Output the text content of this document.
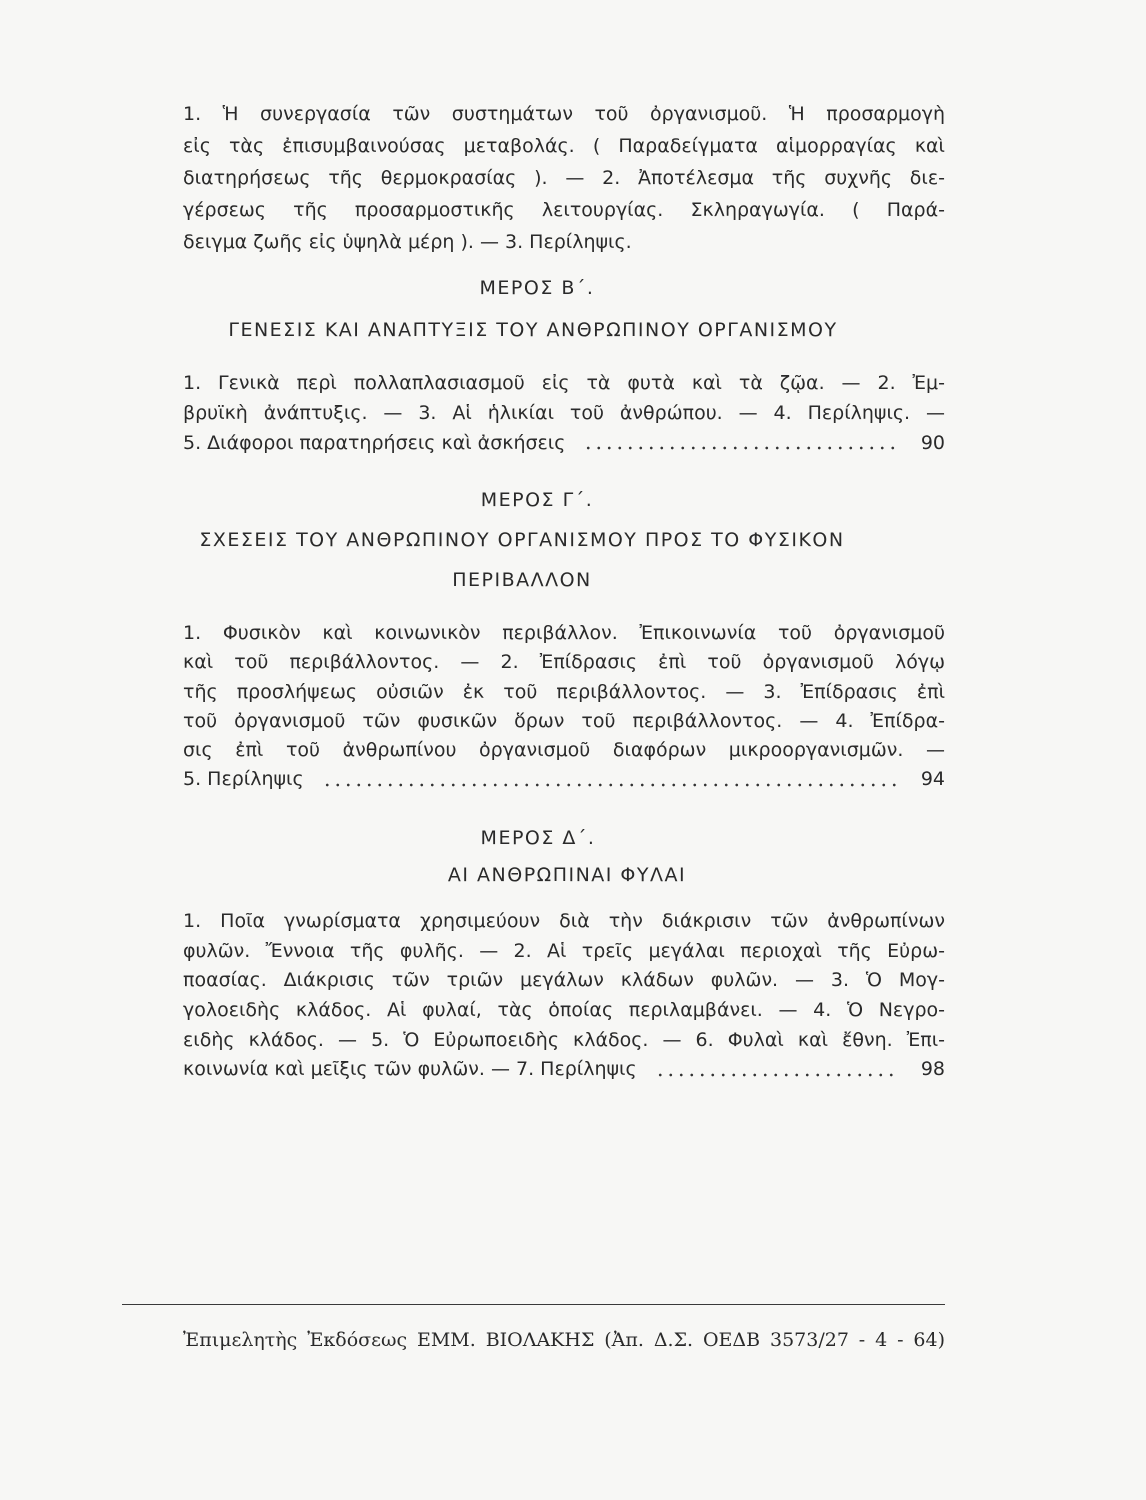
1. Ἡ συνεργασία τῶν συστημάτων τοῦ ὀργανισμοῦ. Ἡ προσαρμογὴ
εἰς τὰς ἐπισυμβαινούσας μεταβολάς. ( Παραδείγματα αἱμορραγίας καὶ
διατηρήσεως τῆς θερμοκρασίας ). — 2. Ἀποτέλεσμα τῆς συχνῆς διε-
γέρσεως τῆς προσαρμοστικῆς λειτουργίας. Σκληραγωγία. ( Παρά-
δειγμα ζωῆς εἰς ὑψηλὰ μέρη ). — 3. Περίληψις.
ΜΕΡΟΣ Β΄.
ΓΕΝΕΣΙΣ ΚΑΙ ΑΝΑΠΤΥΞΙΣ ΤΟΥ ΑΝΘΡΩΠΙΝΟΥ ΟΡΓΑΝΙΣΜΟΥ
1. Γενικὰ περὶ πολλαπλασιασμοῦ εἰς τὰ φυτὰ καὶ τὰ ζῷα. — 2. Ἐμ-
βρυϊκὴ ἀνάπτυξις. — 3. Αἱ ἡλικίαι τοῦ ἀνθρώπου. — 4. Περίληψις. —
5. Διάφοροι παρατηρήσεις καὶ ἀσκήσεις	90
ΜΕΡΟΣ Γ΄.
ΣΧΕΣΕΙΣ ΤΟΥ ΑΝΘΡΩΠΙΝΟΥ ΟΡΓΑΝΙΣΜΟΥ ΠΡΟΣ ΤΟ ΦΥΣΙΚΟΝ
ΠΕΡΙΒΑΛΛΟΝ
1. Φυσικὸν καὶ κοινωνικὸν περιβάλλον. Ἐπικοινωνία τοῦ ὀργανισμοῦ
καὶ τοῦ περιβάλλοντος. — 2. Ἐπίδρασις ἐπὶ τοῦ ὀργανισμοῦ λόγῳ
τῆς προσλήψεως οὐσιῶν ἐκ τοῦ περιβάλλοντος. — 3. Ἐπίδρασις ἐπὶ
τοῦ ὀργανισμοῦ τῶν φυσικῶν ὅρων τοῦ περιβάλλοντος. — 4. Ἐπίδρα-
σις ἐπὶ τοῦ ἀνθρωπίνου ὀργανισμοῦ διαφόρων μικροοργανισμῶν. —
5. Περίληψις	94
ΜΕΡΟΣ Δ΄.
ΑΙ ΑΝΘΡΩΠΙΝΑΙ ΦΥΛΑΙ
1. Ποῖα γνωρίσματα χρησιμεύουν διὰ τὴν διάκρισιν τῶν ἀνθρωπίνων
φυλῶν. Ἔννοια τῆς φυλῆς. — 2. Αἱ τρεῖς μεγάλαι περιοχαὶ τῆς Εὐρω-
ποασίας. Διάκρισις τῶν τριῶν μεγάλων κλάδων φυλῶν. — 3. Ὁ Μογ-
γολοειδὴς κλάδος. Αἱ φυλαί, τὰς ὁποίας περιλαμβάνει. — 4. Ὁ Νεγρο-
ειδὴς κλάδος. — 5. Ὁ Εὐρωποειδὴς κλάδος. — 6. Φυλαὶ καὶ ἔθνη. Ἐπι-
κοινωνία καὶ μεῖξις τῶν φυλῶν. — 7. Περίληψις	98
Ἐπιμελητὴς Ἐκδόσεως ΕΜΜ. ΒΙΟΛΑΚΗΣ (Ἀπ. Δ.Σ. ΟΕΔΒ 3573/27 - 4 - 64)
